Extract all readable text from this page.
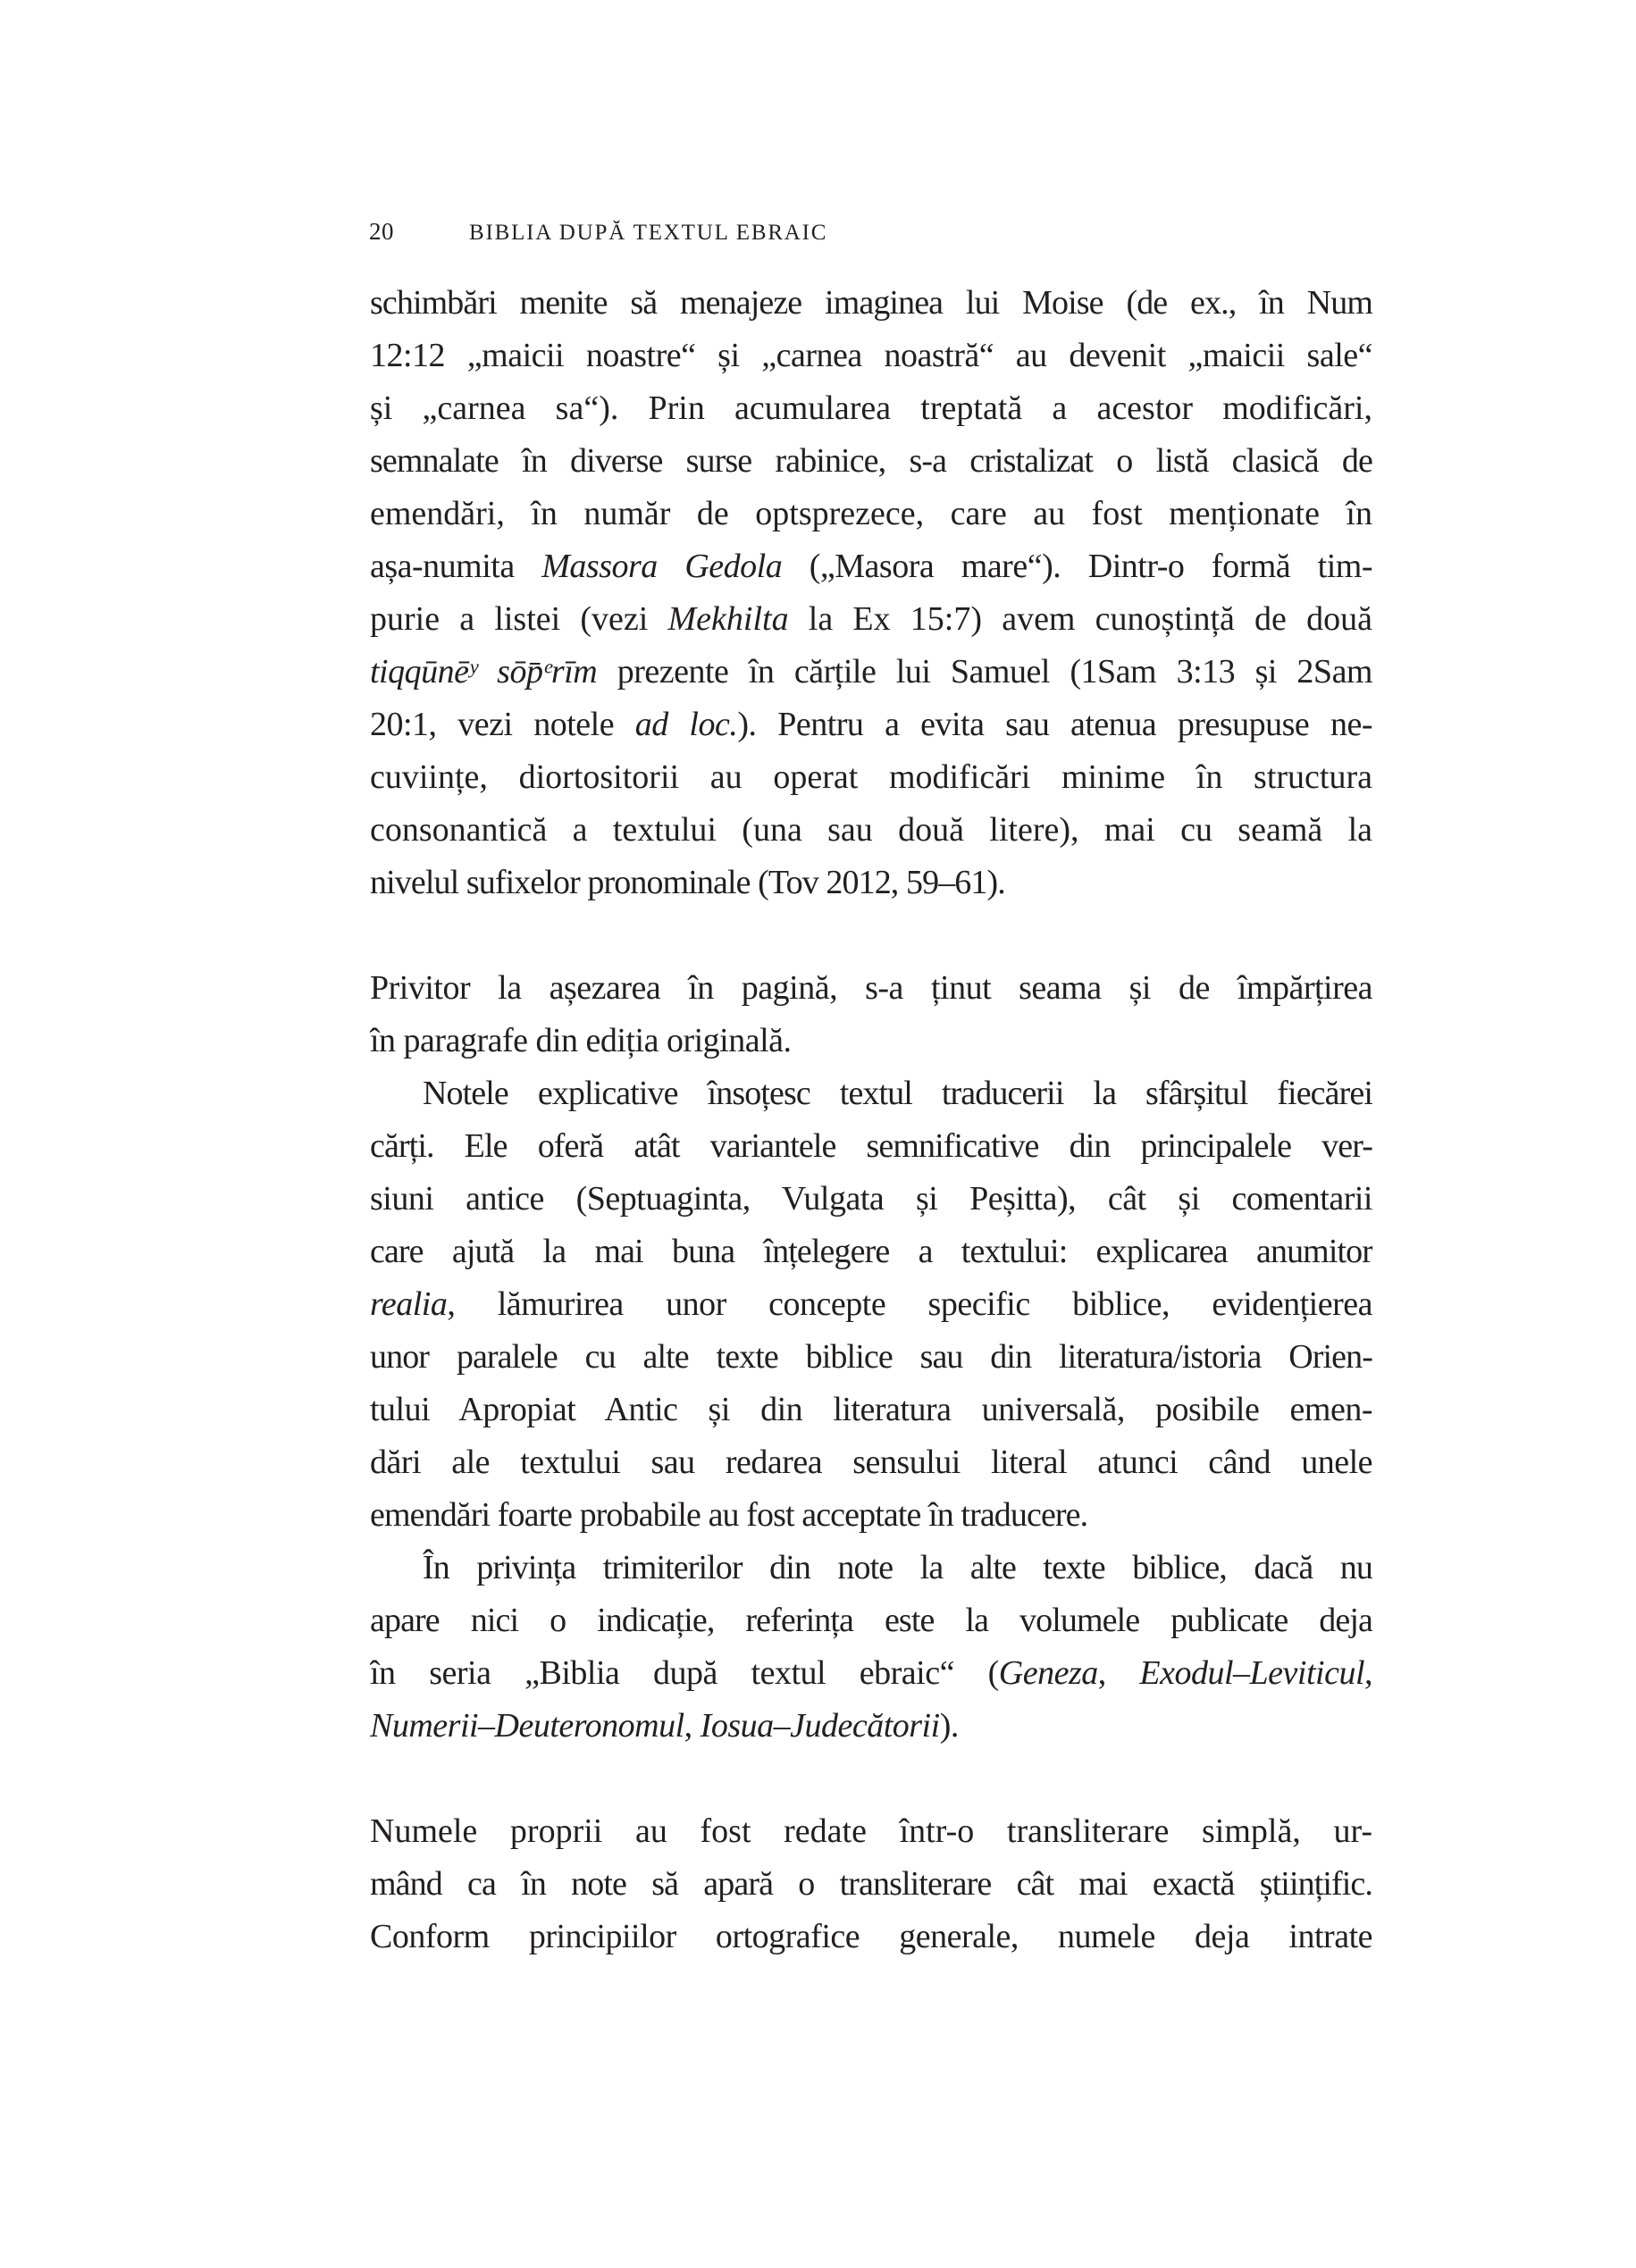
20	BIBLIA DUPĂ TEXTUL EBRAIC
schimbări menite să menajeze imaginea lui Moise (de ex., în Num
12:12 „maicii noastre“ și „carnea noastră“ au devenit „maicii sale“
și „carnea sa“). Prin acumularea treptată a acestor modificări,
semnalate în diverse surse rabinice, s-a cristalizat o listă clasică de
emendări, în număr de optsprezece, care au fost menționate în
așa-numita Massora Gedola („Masora mare“). Dintr-o formă tim-
purie a listei (vezi Mekhilta la Ex 15:7) avem cunoștință de două
tiqqūnēʸ sōp̄ᵉrīm prezente în cărțile lui Samuel (1Sam 3:13 și 2Sam
20:1, vezi notele ad loc.). Pentru a evita sau atenua presupuse ne-
cuviințe, diortositorii au operat modificări minime în structura
consonantică a textului (una sau două litere), mai cu seamă la
nivelul sufixelor pronominale (Tov 2012, 59–61).
Privitor la așezarea în pagină, s-a ținut seama și de împărțirea
în paragrafe din ediția originală.
Notele explicative însoțesc textul traducerii la sfârșitul fiecărei
cărți. Ele oferă atât variantele semnificative din principalele ver-
siuni antice (Septuaginta, Vulgata și Peșitta), cât și comentarii
care ajută la mai buna înțelegere a textului: explicarea anumitor
realia, lămurirea unor concepte specific biblice, evidențierea
unor paralele cu alte texte biblice sau din literatura/istoria Orien-
tului Apropiat Antic și din literatura universală, posibile emen-
dări ale textului sau redarea sensului literal atunci când unele
emendări foarte probabile au fost acceptate în traducere.
În privința trimiterilor din note la alte texte biblice, dacă nu
apare nici o indicație, referința este la volumele publicate deja
în seria „Biblia după textul ebraic“ (Geneza, Exodul–Leviticul,
Numerii–Deuteronomul, Iosua–Judecătorii).
Numele proprii au fost redate într-o transliterare simplă, ur-
mând ca în note să apară o transliterare cât mai exactă științific.
Conform principiilor ortografice generale, numele deja intrate
